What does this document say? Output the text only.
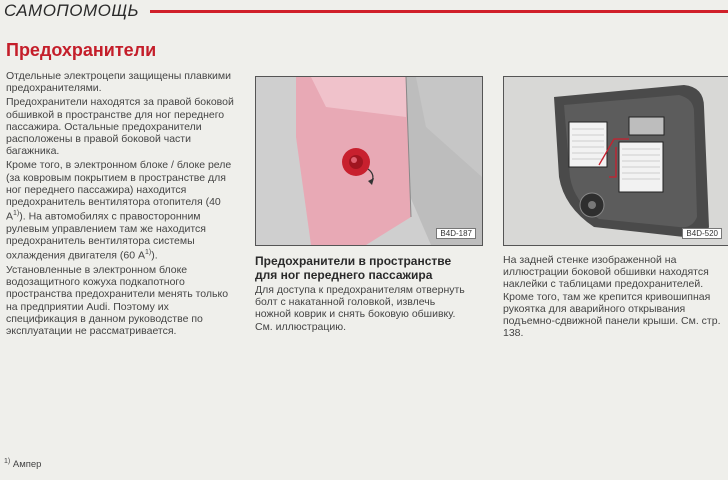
САМОПОМОЩЬ
Предохранители

Отдельные электроцепи защищены плавкими предохранителями.

Предохранители находятся за правой боковой обшивкой в пространстве для ног переднего пассажира. Остальные предохранители расположены в правой боковой части багажника.

Кроме того, в электронном блоке / блоке реле (за ковровым покрытием в пространстве для ног переднего пассажира) находится предохранитель вентилятора отопителя (40 $А^{1)}$). На автомобилях с правосторонним рулевым управлением там же находится предохранитель вентилятора системы охлаждения двигателя (60 $А^{1)}$).

Установленные в электронном блоке водозащитного кожуха подкапотного пространства предохранители менять только на предприятии Audi. Поэтому их спецификация в данном руководстве по эксплуатации не рассматривается.

B4D-187
Предохранители в пространстве для ног переднего пассажира
Для доступа к предохранителям отвернуть болт с накатанной головкой, извлечь ножной коврик и снять боковую обшивку. См. иллюстрацию.
B4D-520

На задней стенке изображенной на иллюстрации боковой обшивки находятся наклейки с таблицами предохранителей. Кроме того, там же крепится кривошипная рукоятка для аварийного открывания подъемно-сдвижной панели крыши. См. стр. 138.

$^{1)}$ Ампер
